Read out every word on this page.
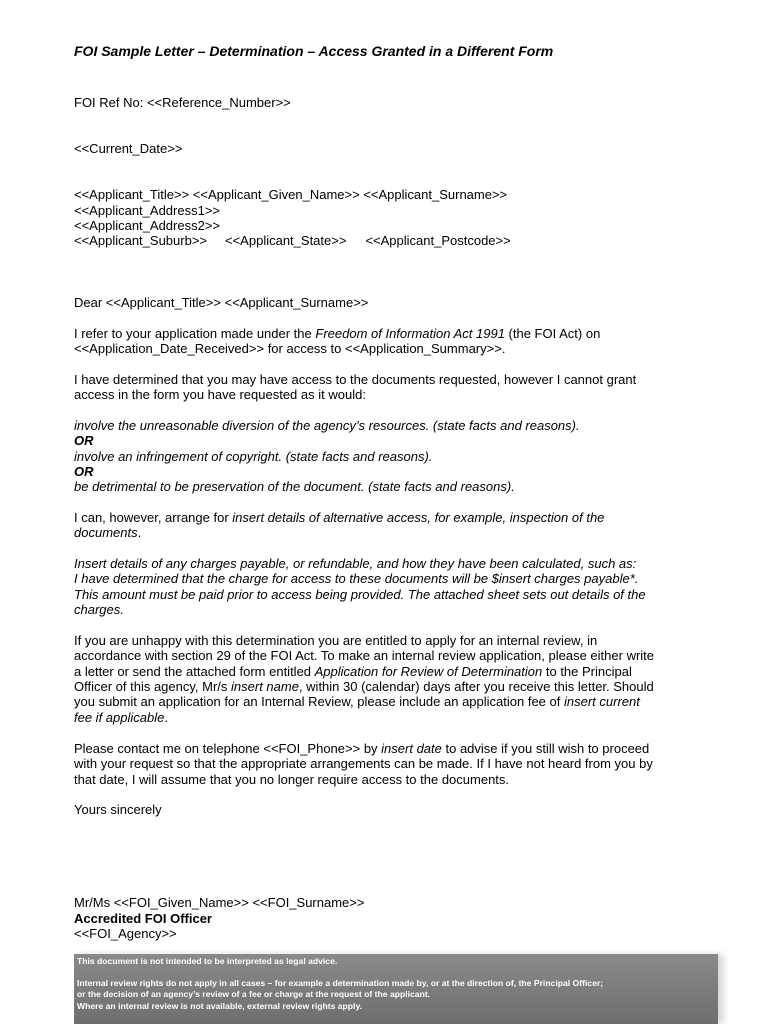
FOI Sample Letter – Determination – Access Granted in a Different Form
FOI Ref No: <<Reference_Number>>
<<Current_Date>>
<<Applicant_Title>> <<Applicant_Given_Name>> <<Applicant_Surname>>
<<Applicant_Address1>>
<<Applicant_Address2>>
<<Applicant_Suburb>> <<Applicant_State>> <<Applicant_Postcode>>
Dear <<Applicant_Title>> <<Applicant_Surname>>
I refer to your application made under the Freedom of Information Act 1991 (the FOI Act) on
<<Application_Date_Received>> for access to <<Application_Summary>>.
I have determined that you may have access to the documents requested, however I cannot grant
access in the form you have requested as it would:
involve the unreasonable diversion of the agency’s resources. (state facts and reasons).
OR
involve an infringement of copyright. (state facts and reasons).
OR
be detrimental to be preservation of the document. (state facts and reasons).
I can, however, arrange for insert details of alternative access, for example, inspection of the
documents.
Insert details of any charges payable, or refundable, and how they have been calculated, such as:
I have determined that the charge for access to these documents will be $insert charges payable*.
This amount must be paid prior to access being provided. The attached sheet sets out details of the
charges.
If you are unhappy with this determination you are entitled to apply for an internal review, in
accordance with section 29 of the FOI Act. To make an internal review application, please either write
a letter or send the attached form entitled Application for Review of Determination to the Principal
Officer of this agency, Mr/s insert name, within 30 (calendar) days after you receive this letter. Should
you submit an application for an Internal Review, please include an application fee of insert current
fee if applicable.
Please contact me on telephone <<FOI_Phone>> by insert date to advise if you still wish to proceed
with your request so that the appropriate arrangements can be made. If I have not heard from you by
that date, I will assume that you no longer require access to the documents.
Yours sincerely
Mr/Ms <<FOI_Given_Name>> <<FOI_Surname>>
Accredited FOI Officer
<<FOI_Agency>>
This document is not intended to be interpreted as legal advice.
Internal review rights do not apply in all cases – for example a determination made by, or at the direction of, the Principal Officer;
or the decision of an agency’s review of a fee or charge at the request of the applicant.
Where an internal review is not available, external review rights apply.
